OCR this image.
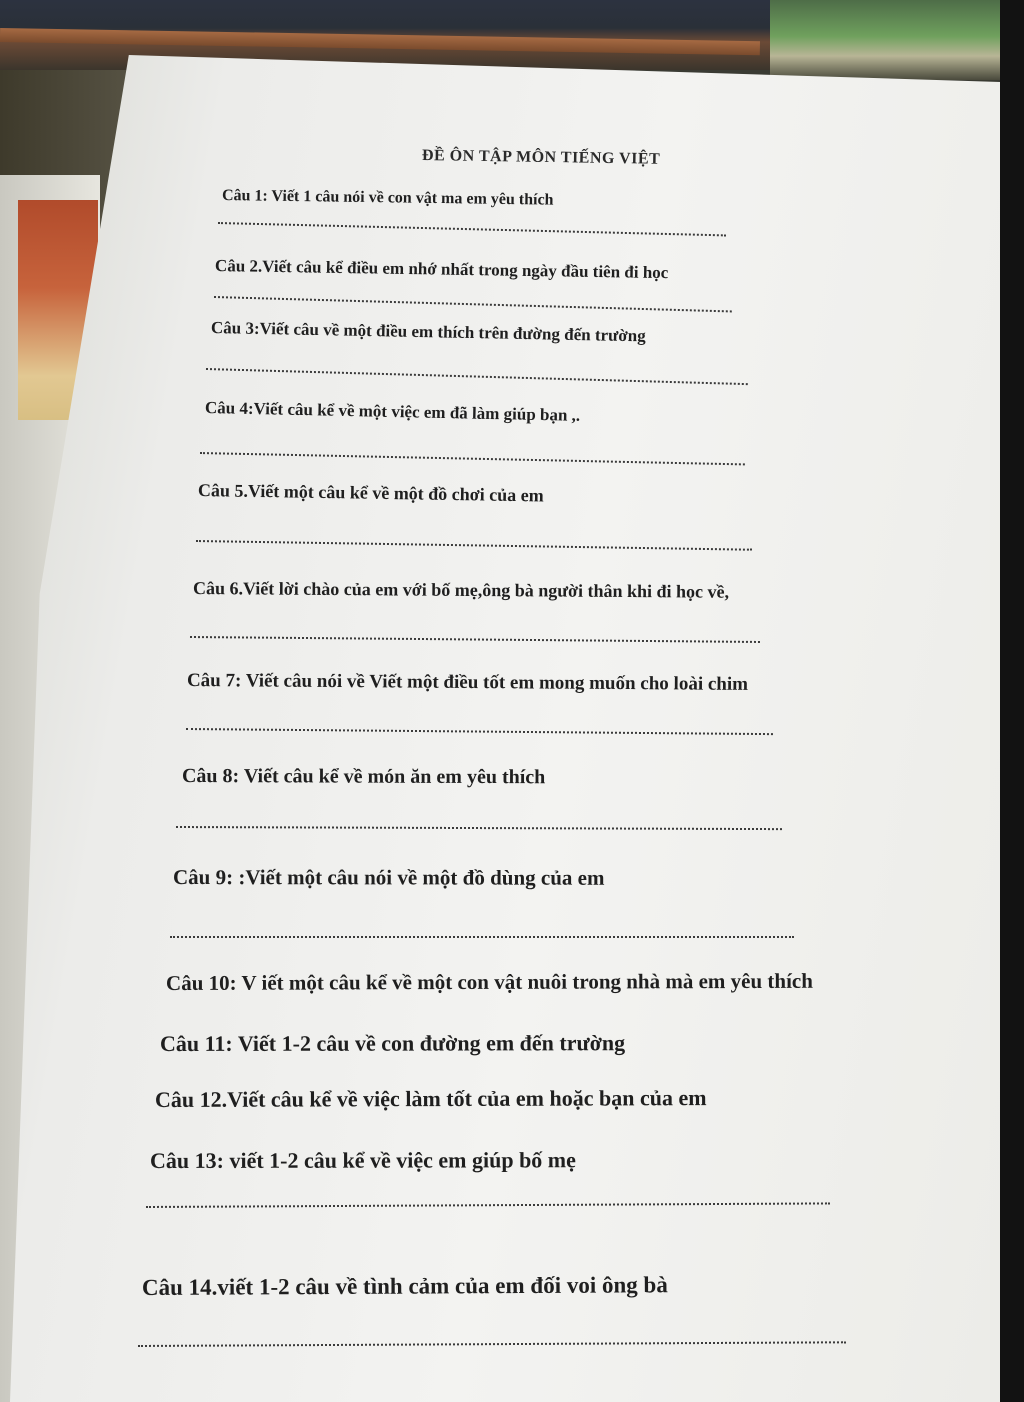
ĐỀ ÔN TẬP MÔN TIẾNG VIỆT
Câu 1: Viết 1 câu nói về con vật ma em yêu thích
Câu 2.Viết câu kể điều em nhớ nhất trong ngày đầu tiên đi học
Câu 3:Viết câu về một điều em thích trên đường đến trường
Câu 4:Viết câu kể về một việc em đã làm giúp bạn ,.
Câu 5.Viết một câu kể về một đồ chơi của em
Câu 6.Viết lời chào của em với bố mẹ,ông bà người thân khi đi học về,
Câu 7: Viết câu nói về Viết một điều tốt em mong muốn cho loài chim
Câu 8: Viết câu kể về món ăn em yêu thích
Câu 9: :Viết một câu nói về một đồ dùng của em
Câu 10: V iết một câu kể về một con vật nuôi trong nhà mà em yêu thích
Câu 11: Viết 1-2 câu về con đường em đến trường
Câu 12.Viết câu kể về việc làm tốt của em hoặc bạn của em
Câu 13: viết 1-2 câu kể về việc em giúp bố mẹ
Câu 14.viết 1-2 câu về tình cảm của em đối voi ông bà
